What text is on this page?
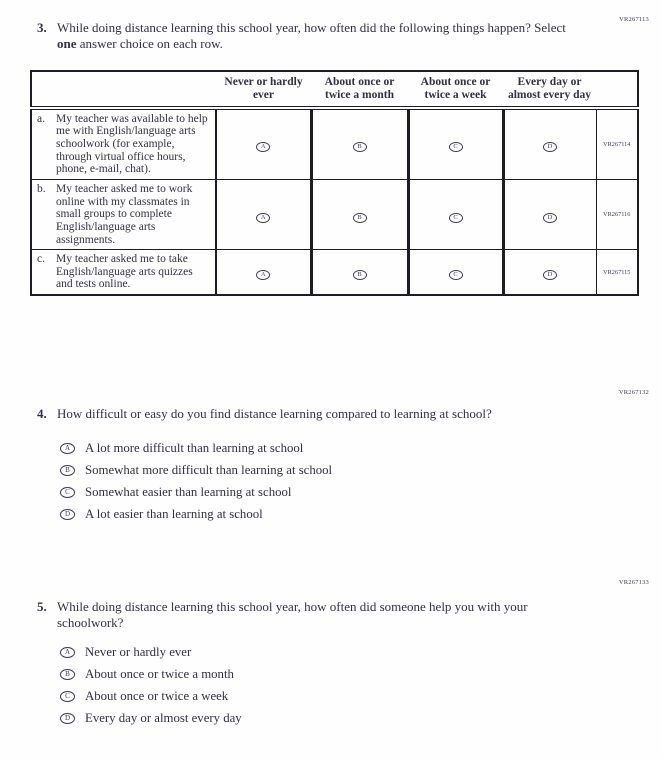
VR267113
3. While doing distance learning this school year, how often did the following things happen? Select one answer choice on each row.
	Never or hardly ever	About once or twice a month	About once or twice a week	Every day or almost every day	

a. My teacher was available to help me with English/language arts schoolwork (for example, through virtual office hours, phone, e-mail, chat).	A	B	C	D	VR267114

b. My teacher asked me to work online with my classmates in small groups to complete English/language arts assignments.	A	B	C	D	VR267116

c. My teacher asked me to take English/language arts quizzes and tests online.	A	B	C	D	VR267115
VR267132
4. How difficult or easy do you find distance learning compared to learning at school?
A	A lot more difficult than learning at school
B	Somewhat more difficult than learning at school
C	Somewhat easier than learning at school
D	A lot easier than learning at school
VR267133
5. While doing distance learning this school year, how often did someone help you with your schoolwork?
A	Never or hardly ever
B	About once or twice a month
C	About once or twice a week
D	Every day or almost every day
